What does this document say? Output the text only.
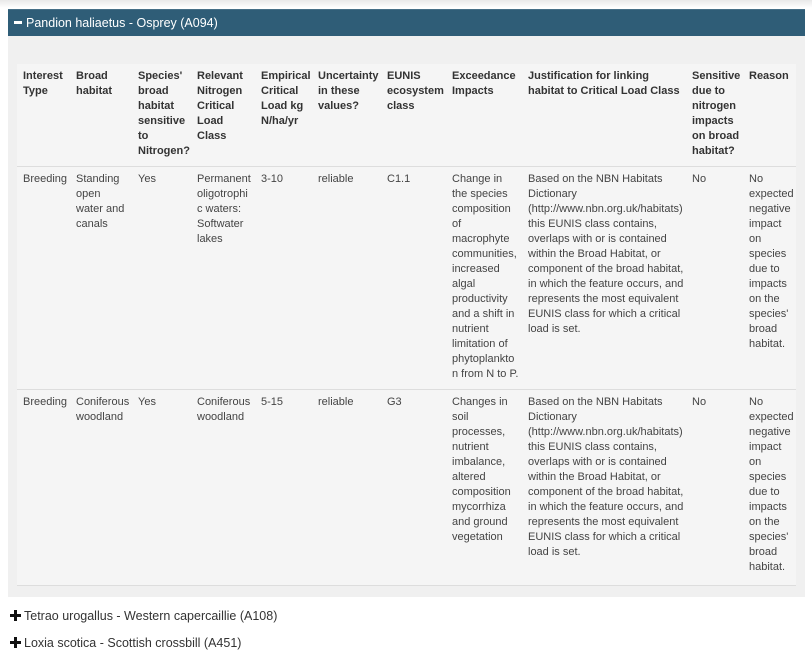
Pandion haliaetus - Osprey (A094)
Interest Type	Broad habitat	Species' broad habitat sensitive to Nitrogen?	Relevant Nitrogen Critical Load Class	Empirical Critical Load kg N/ha/yr	Uncertainty in these values?	EUNIS ecosystem class	Exceedance Impacts	Justification for linking habitat to Critical Load Class	Sensitive due to nitrogen impacts on broad habitat?	Reason
Breeding	Standing open water and canals	Yes	Permanent oligotrophic waters: Softwater lakes	3-10	reliable	C1.1	Change in the species composition of macrophyte communities, increased algal productivity and a shift in nutrient limitation of phytoplankton from N to P.	Based on the NBN Habitats Dictionary (http://www.nbn.org.uk/habitats) this EUNIS class contains, overlaps with or is contained within the Broad Habitat, or component of the broad habitat, in which the feature occurs, and represents the most equivalent EUNIS class for which a critical load is set.	No	No expected negative impact on species due to impacts on the species' broad habitat.
Breeding	Coniferous woodland	Yes	Coniferous woodland	5-15	reliable	G3	Changes in soil processes, nutrient imbalance, altered composition mycorrhiza and ground vegetation	Based on the NBN Habitats Dictionary (http://www.nbn.org.uk/habitats) this EUNIS class contains, overlaps with or is contained within the Broad Habitat, or component of the broad habitat, in which the feature occurs, and represents the most equivalent EUNIS class for which a critical load is set.	No	No expected negative impact on species due to impacts on the species' broad habitat.
Tetrao urogallus - Western capercaillie (A108)
Loxia scotica - Scottish crossbill (A451)
